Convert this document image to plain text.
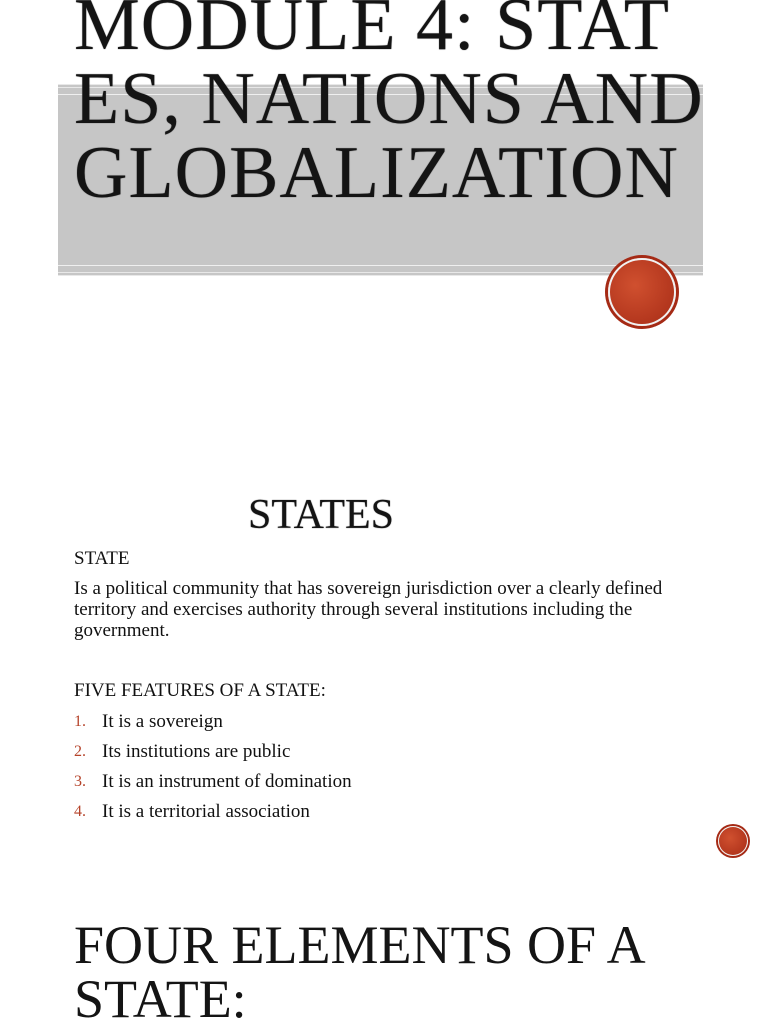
MODULE 4: STATES, NATIONS AND GLOBALIZATION
STATES
STATE

Is a political community that has sovereign jurisdiction over a clearly defined territory and exercises authority through several institutions including the government.

FIVE FEATURES OF A STATE:
1. It is a sovereign
2. Its institutions are public
3. It is an instrument of domination
4. It is a territorial association
FOUR ELEMENTS OF A STATE:
